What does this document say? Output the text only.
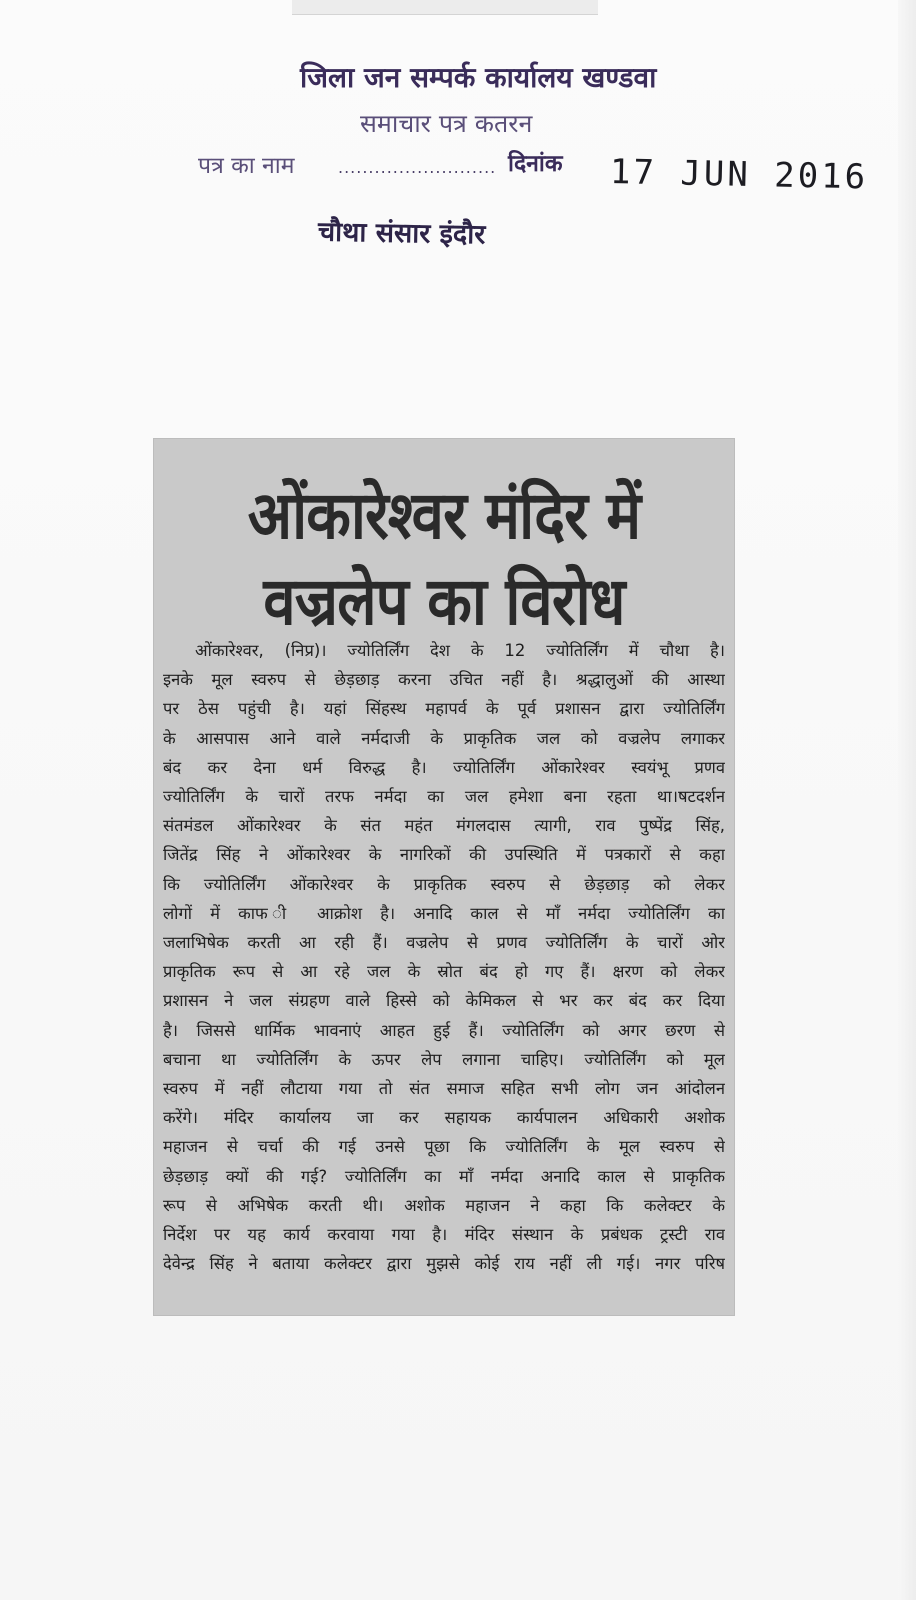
जिला जन सम्पर्क कार्यालय खण्डवा
समाचार पत्र कतरन
पत्र का नाम	.......................... दिनांक 17 JUN 2016
चौथा संसार इंदौर
ओंकारेश्वर मंदिर में
वज्रलेप का विरोध
ओंकारेश्वर, (निप्र)। ज्योतिर्लिंग देश के 12 ज्योतिर्लिंग में चौथा है।
इनके मूल स्वरुप से छेड़छाड़ करना उचित नहीं है। श्रद्धालुओं की आस्था
पर ठेस पहुंची है। यहां सिंहस्थ महापर्व के पूर्व प्रशासन द्वारा ज्योतिर्लिंग
के आसपास आने वाले नर्मदाजी के प्राकृतिक जल को वज्रलेप लगाकर
बंद कर देना धर्म विरुद्ध है। ज्योतिर्लिंग ओंकारेश्वर स्वयंभू प्रणव
ज्योतिर्लिंग के चारों तरफ नर्मदा का जल हमेशा बना रहता था।षटदर्शन
संतमंडल ओंकारेश्वर के संत महंत मंगलदास त्यागी, राव पुष्पेंद्र सिंह,
जितेंद्र सिंह ने ओंकारेश्वर के नागरिकों की उपस्थिति में पत्रकारों से कहा
कि ज्योतिर्लिंग ओंकारेश्वर के प्राकृतिक स्वरुप से छेड़छाड़ को लेकर
लोगों में काफ ी आक्रोश है। अनादि काल से माँ नर्मदा ज्योतिर्लिंग का
जलाभिषेक करती आ रही हैं। वज्रलेप से प्रणव ज्योतिर्लिंग के चारों ओर
प्राकृतिक रूप से आ रहे जल के स्रोत बंद हो गए हैं। क्षरण को लेकर
प्रशासन ने जल संग्रहण वाले हिस्से को केमिकल से भर कर बंद कर दिया
है। जिससे धार्मिक भावनाएं आहत हुई हैं। ज्योतिर्लिंग को अगर छरण से
बचाना था ज्योतिर्लिंग के ऊपर लेप लगाना चाहिए। ज्योतिर्लिंग को मूल
स्वरुप में नहीं लौटाया गया तो संत समाज सहित सभी लोग जन आंदोलन
करेंगे। मंदिर कार्यालय जा कर सहायक कार्यपालन अधिकारी अशोक
महाजन से चर्चा की गई उनसे पूछा कि ज्योतिर्लिंग के मूल स्वरुप से
छेड़छाड़ क्यों की गई? ज्योतिर्लिंग का माँ नर्मदा अनादि काल से प्राकृतिक
रूप से अभिषेक करती थी। अशोक महाजन ने कहा कि कलेक्टर के
निर्देश पर यह कार्य करवाया गया है। मंदिर संस्थान के प्रबंधक ट्रस्टी राव
देवेन्द्र सिंह ने बताया कलेक्टर द्वारा मुझसे कोई राय नहीं ली गई। नगर परिष
